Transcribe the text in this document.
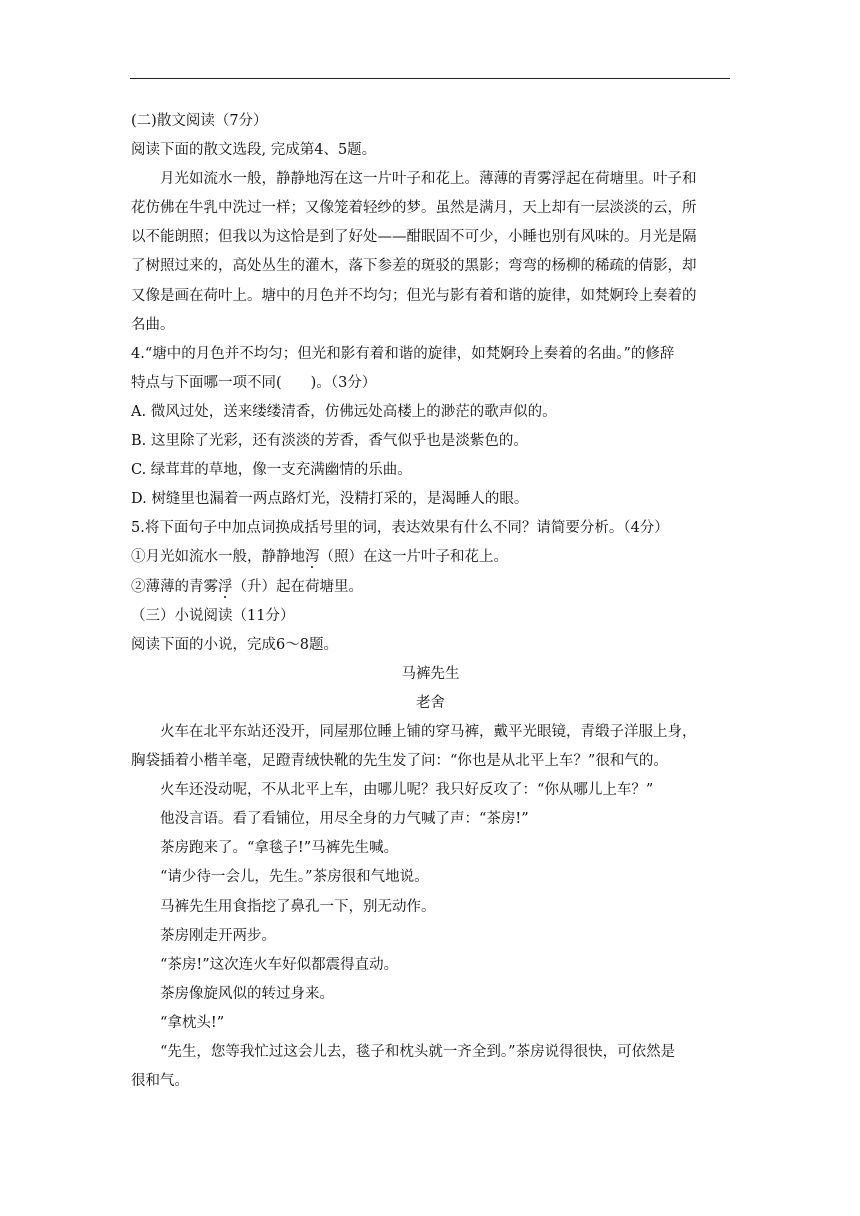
(二)散文阅读（7分）
阅读下面的散文选段, 完成第4、5题。
月光如流水一般，静静地泻在这一片叶子和花上。薄薄的青雾浮起在荷塘里。叶子和
花仿佛在牛乳中洗过一样；又像笼着轻纱的梦。虽然是满月，天上却有一层淡淡的云，所
以不能朗照；但我以为这恰是到了好处——酣眠固不可少，小睡也别有风味的。月光是隔
了树照过来的，高处丛生的灌木，落下参差的斑驳的黑影；弯弯的杨柳的稀疏的倩影，却
又像是画在荷叶上。塘中的月色并不均匀；但光与影有着和谐的旋律，如梵婀玲上奏着的
名曲。
4.“塘中的月色并不均匀；但光和影有着和谐的旋律，如梵婀玲上奏着的名曲。”的修辞
特点与下面哪一项不同(　　)。（3分）
A. 微风过处，送来缕缕清香，仿佛远处高楼上的渺茫的歌声似的。
B. 这里除了光彩，还有淡淡的芳香，香气似乎也是淡紫色的。
C. 绿茸茸的草地，像一支充满幽情的乐曲。
D. 树缝里也漏着一两点路灯光，没精打采的，是渴睡人的眼。
5.将下面句子中加点词换成括号里的词，表达效果有什么不同？请简要分析。（4分）
①月光如流水一般，静静地泻（照）在这一片叶子和花上。
②薄薄的青雾浮（升）起在荷塘里。
（三）小说阅读（11分）
阅读下面的小说，完成6～8题。
马裤先生
老舍
火车在北平东站还没开，同屋那位睡上铺的穿马裤，戴平光眼镜，青缎子洋服上身，
胸袋插着小楷羊毫，足蹬青绒快靴的先生发了问：“你也是从北平上车？”很和气的。
火车还没动呢，不从北平上车，由哪儿呢？我只好反攻了：“你从哪儿上车？”
他没言语。看了看铺位，用尽全身的力气喊了声：“茶房!”
茶房跑来了。“拿毯子!”马裤先生喊。
“请少待一会儿，先生。”茶房很和气地说。
马裤先生用食指挖了鼻孔一下，别无动作。
茶房刚走开两步。
“茶房!”这次连火车好似都震得直动。
茶房像旋风似的转过身来。
“拿枕头!”
“先生，您等我忙过这会儿去，毯子和枕头就一齐全到。”茶房说得很快，可依然是
很和气。
